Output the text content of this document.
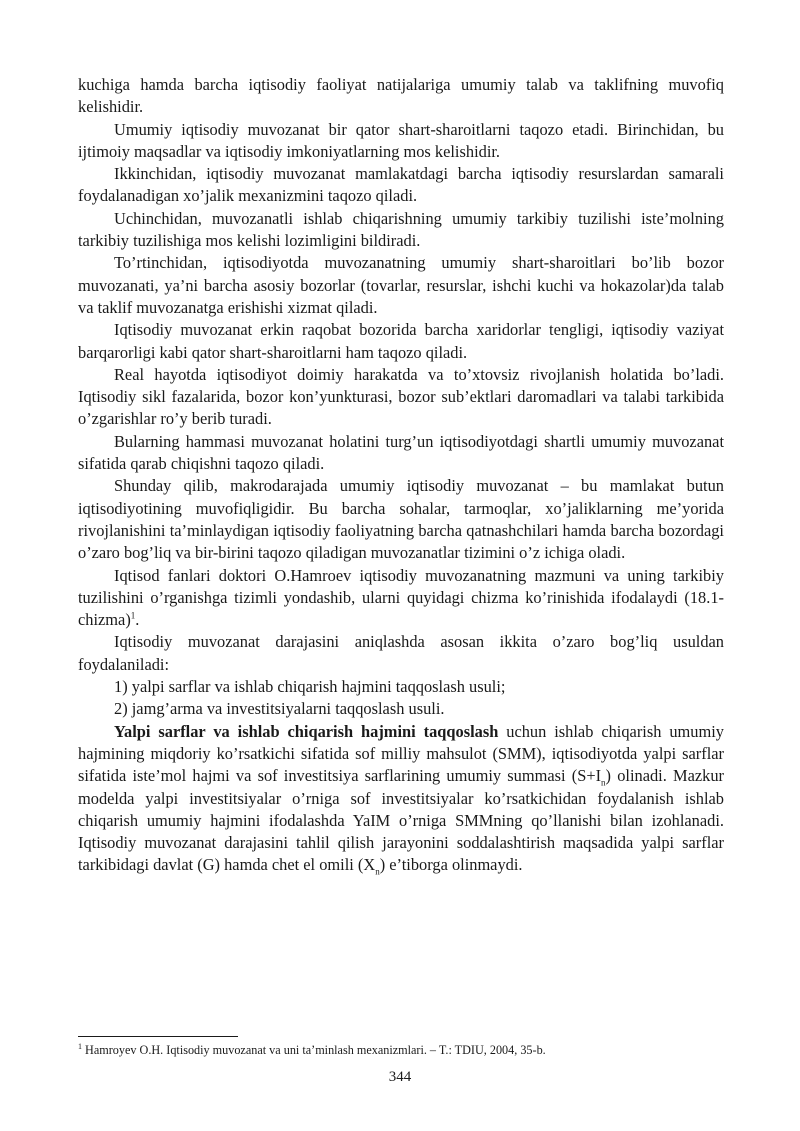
kuchiga hamda barcha iqtisodiy faoliyat natijalariga umumiy talab va taklifning muvofiq kelishidir.

Umumiy iqtisodiy muvozanat bir qator shart-sharoitlarni taqozo etadi. Birinchidan, bu ijtimoiy maqsadlar va iqtisodiy imkoniyatlarning mos kelishidir.

Ikkinchidan, iqtisodiy muvozanat mamlakatdagi barcha iqtisodiy resurslardan samarali foydalanadigan xo’jalik mexanizmini taqozo qiladi.

Uchinchidan, muvozanatli ishlab chiqarishning umumiy tarkibiy tuzilishi iste’molning tarkibiy tuzilishiga mos kelishi lozimligini bildiradi.

To’rtinchidan, iqtisodiyotda muvozanatning umumiy shart-sharoitlari bo’lib bozor muvozanati, ya’ni barcha asosiy bozorlar (tovarlar, resurslar, ishchi kuchi va hokazolar)da talab va taklif muvozanatga erishishi xizmat qiladi.

Iqtisodiy muvozanat erkin raqobat bozorida barcha xaridorlar tengligi, iqtisodiy vaziyat barqarorligi kabi qator shart-sharoitlarni ham taqozo qiladi.

Real hayotda iqtisodiyot doimiy harakatda va to’xtovsiz rivojlanish holatida bo’ladi. Iqtisodiy sikl fazalarida, bozor kon’yunkturasi, bozor sub’ektlari daromadlari va talabi tarkibida o’zgarishlar ro’y berib turadi.

Bularning hammasi muvozanat holatini turg’un iqtisodiyotdagi shartli umumiy muvozanat sifatida qarab chiqishni taqozo qiladi.

Shunday qilib, makrodarajada umumiy iqtisodiy muvozanat – bu mamlakat butun iqtisodiyotining muvofiqligidir. Bu barcha sohalar, tarmoqlar, xo’jaliklarning me’yorida rivojlanishini ta’minlaydigan iqtisodiy faoliyatning barcha qatnashchilari hamda barcha bozordagi o’zaro bog’liq va bir-birini taqozo qiladigan muvozanatlar tizimini o’z ichiga oladi.

Iqtisod fanlari doktori O.Hamroev iqtisodiy muvozanatning mazmuni va uning tarkibiy tuzilishini o’rganishga tizimli yondashib, ularni quyidagi chizma ko’rinishida ifodalaydi (18.1-chizma)$^1$.

Iqtisodiy muvozanat darajasini aniqlashda asosan ikkita o’zaro bog’liq usuldan foydalaniladi:

1) yalpi sarflar va ishlab chiqarish hajmini taqqoslash usuli;

2) jamg’arma va investitsiyalarni taqqoslash usuli.

Yalpi sarflar va ishlab chiqarish hajmini taqqoslash uchun ishlab chiqarish umumiy hajmining miqdoriy ko’rsatkichi sifatida sof milliy mahsulot (SMM), iqtisodiyotda yalpi sarflar sifatida iste’mol hajmi va sof investitsiya sarflarining umumiy summasi $(S+I_n)$ olinadi. Mazkur modelda yalpi investitsiyalar o’rniga sof investitsiyalar ko’rsatkichidan foydalanish ishlab chiqarish umumiy hajmini ifodalashda YaIM o’rniga SMMning qo’llanishi bilan izohlanadi. Iqtisodiy muvozanat darajasini tahlil qilish jarayonini soddalashtirish maqsadida yalpi sarflar tarkibidagi davlat (G) hamda chet el omili $(X_n)$ e’tiborga olinmaydi.

$^1$ Hamroyev O.H. Iqtisodiy muvozanat va uni ta’minlash mexanizmlari. – T.: TDIU, 2004, 35-b.
344
